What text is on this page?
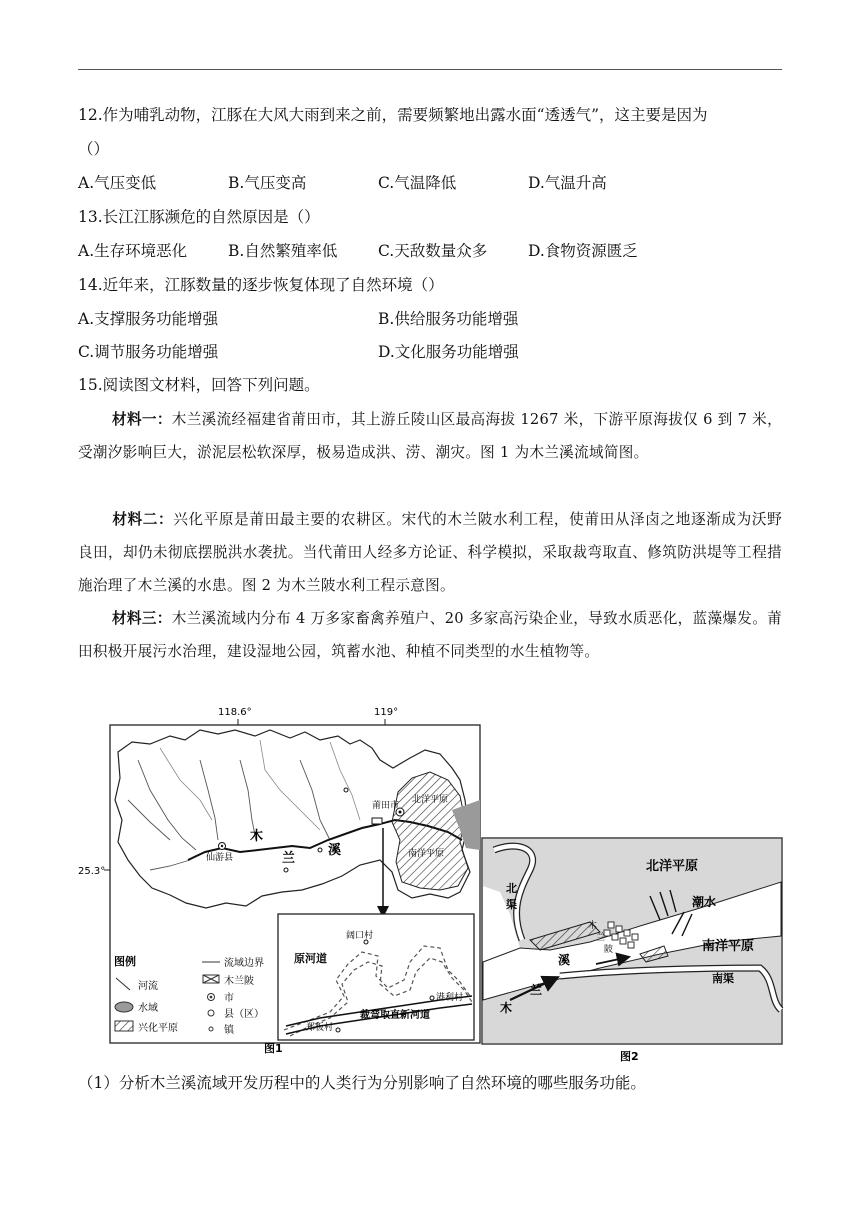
12.作为哺乳动物，江豚在大风大雨到来之前，需要频繁地出露水面“透透气”，这主要是因为
（）
A.气压变低	B.气压变高	C.气温降低	D.气温升高
13.长江江豚濒危的自然原因是（）
A.生存环境恶化	B.自然繁殖率低	C.天敌数量众多	D.食物资源匮乏
14.近年来，江豚数量的逐步恢复体现了自然环境（）
A.支撑服务功能增强	B.供给服务功能增强
C.调节服务功能增强	D.文化服务功能增强
15.阅读图文材料，回答下列问题。
材料一：木兰溪流经福建省莆田市，其上游丘陵山区最高海拔 1267 米，下游平原海拔仅 6 到 7 米，受潮汐影响巨大，淤泥层松软深厚，极易造成洪、涝、潮灾。图 1 为木兰溪流域简图。
材料二：兴化平原是莆田最主要的农耕区。宋代的木兰陂水利工程，使莆田从泽卤之地逐渐成为沃野良田，却仍未彻底摆脱洪水袭扰。当代莆田人经多方论证、科学模拟，采取裁弯取直、修筑防洪堤等工程措施治理了木兰溪的水患。图 2 为木兰陂水利工程示意图。
材料三：木兰溪流域内分布 4 万多家畜禽养殖户、20 多家高污染企业，导致水质恶化，蓝藻爆发。莆田积极开展污水治理，建设湿地公园，筑蓄水池、种植不同类型的水生植物等。
118.6°	119°
25.3°
仙游县
莆田市
北洋平原
南洋平原
木
兰
溪
图例
河流
水域
兴化平原
流域边界
木兰陂
市
县（区）
镇
阔口村
原河道
港利村
裁弯取直新河道
郑板村
图1
北洋平原
南洋平原
北
渠
南渠
潮水
木
兰
陂
木
兰
溪
图2
（1）分析木兰溪流域开发历程中的人类行为分别影响了自然环境的哪些服务功能。
